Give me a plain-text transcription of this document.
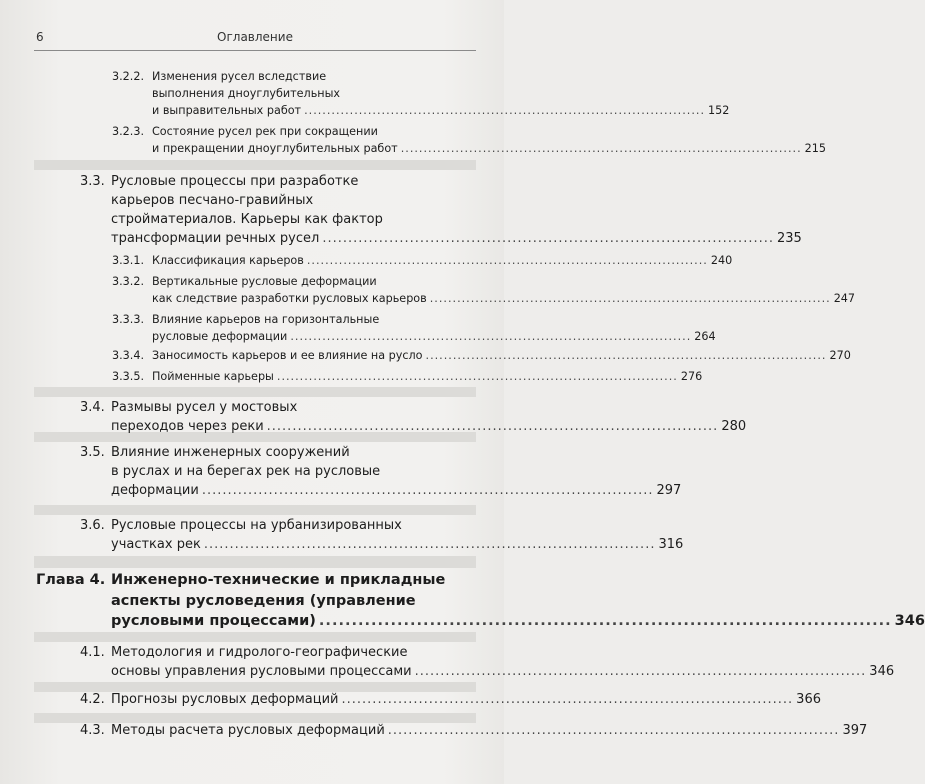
6	Оглавление
3.2.2. Изменения русел вследствие
выполнения дноуглубительных
и выправительных работ ........................................................................................ 152
3.2.3. Состояние русел рек при сокращении
и прекращении дноуглубительных работ ........................................................................................ 215
3.3. Русловые процессы при разработке
карьеров песчано-гравийных
стройматериалов. Карьеры как фактор
трансформации речных русел ........................................................................................ 235
3.3.1. Классификация карьеров ........................................................................................ 240
3.3.2. Вертикальные русловые деформации
как следствие разработки русловых карьеров ........................................................................................ 247
3.3.3. Влияние карьеров на горизонтальные
русловые деформации ........................................................................................ 264
3.3.4. Заносимость карьеров и ее влияние на русло ........................................................................................ 270
3.3.5. Пойменные карьеры ........................................................................................ 276
3.4. Размывы русел у мостовых
переходов через реки ........................................................................................ 280
3.5. Влияние инженерных сооружений
в руслах и на берегах рек на русловые
деформации ........................................................................................ 297
3.6. Русловые процессы на урбанизированных
участках рек ........................................................................................ 316
Глава 4. Инженерно-технические и прикладные
аспекты русловедения (управление
русловыми процессами) ........................................................................................ 346
4.1. Методология и гидролого-географические
основы управления русловыми процессами ........................................................................................ 346
4.2. Прогнозы русловых деформаций ........................................................................................ 366
4.3. Методы расчета русловых деформаций ........................................................................................ 397
